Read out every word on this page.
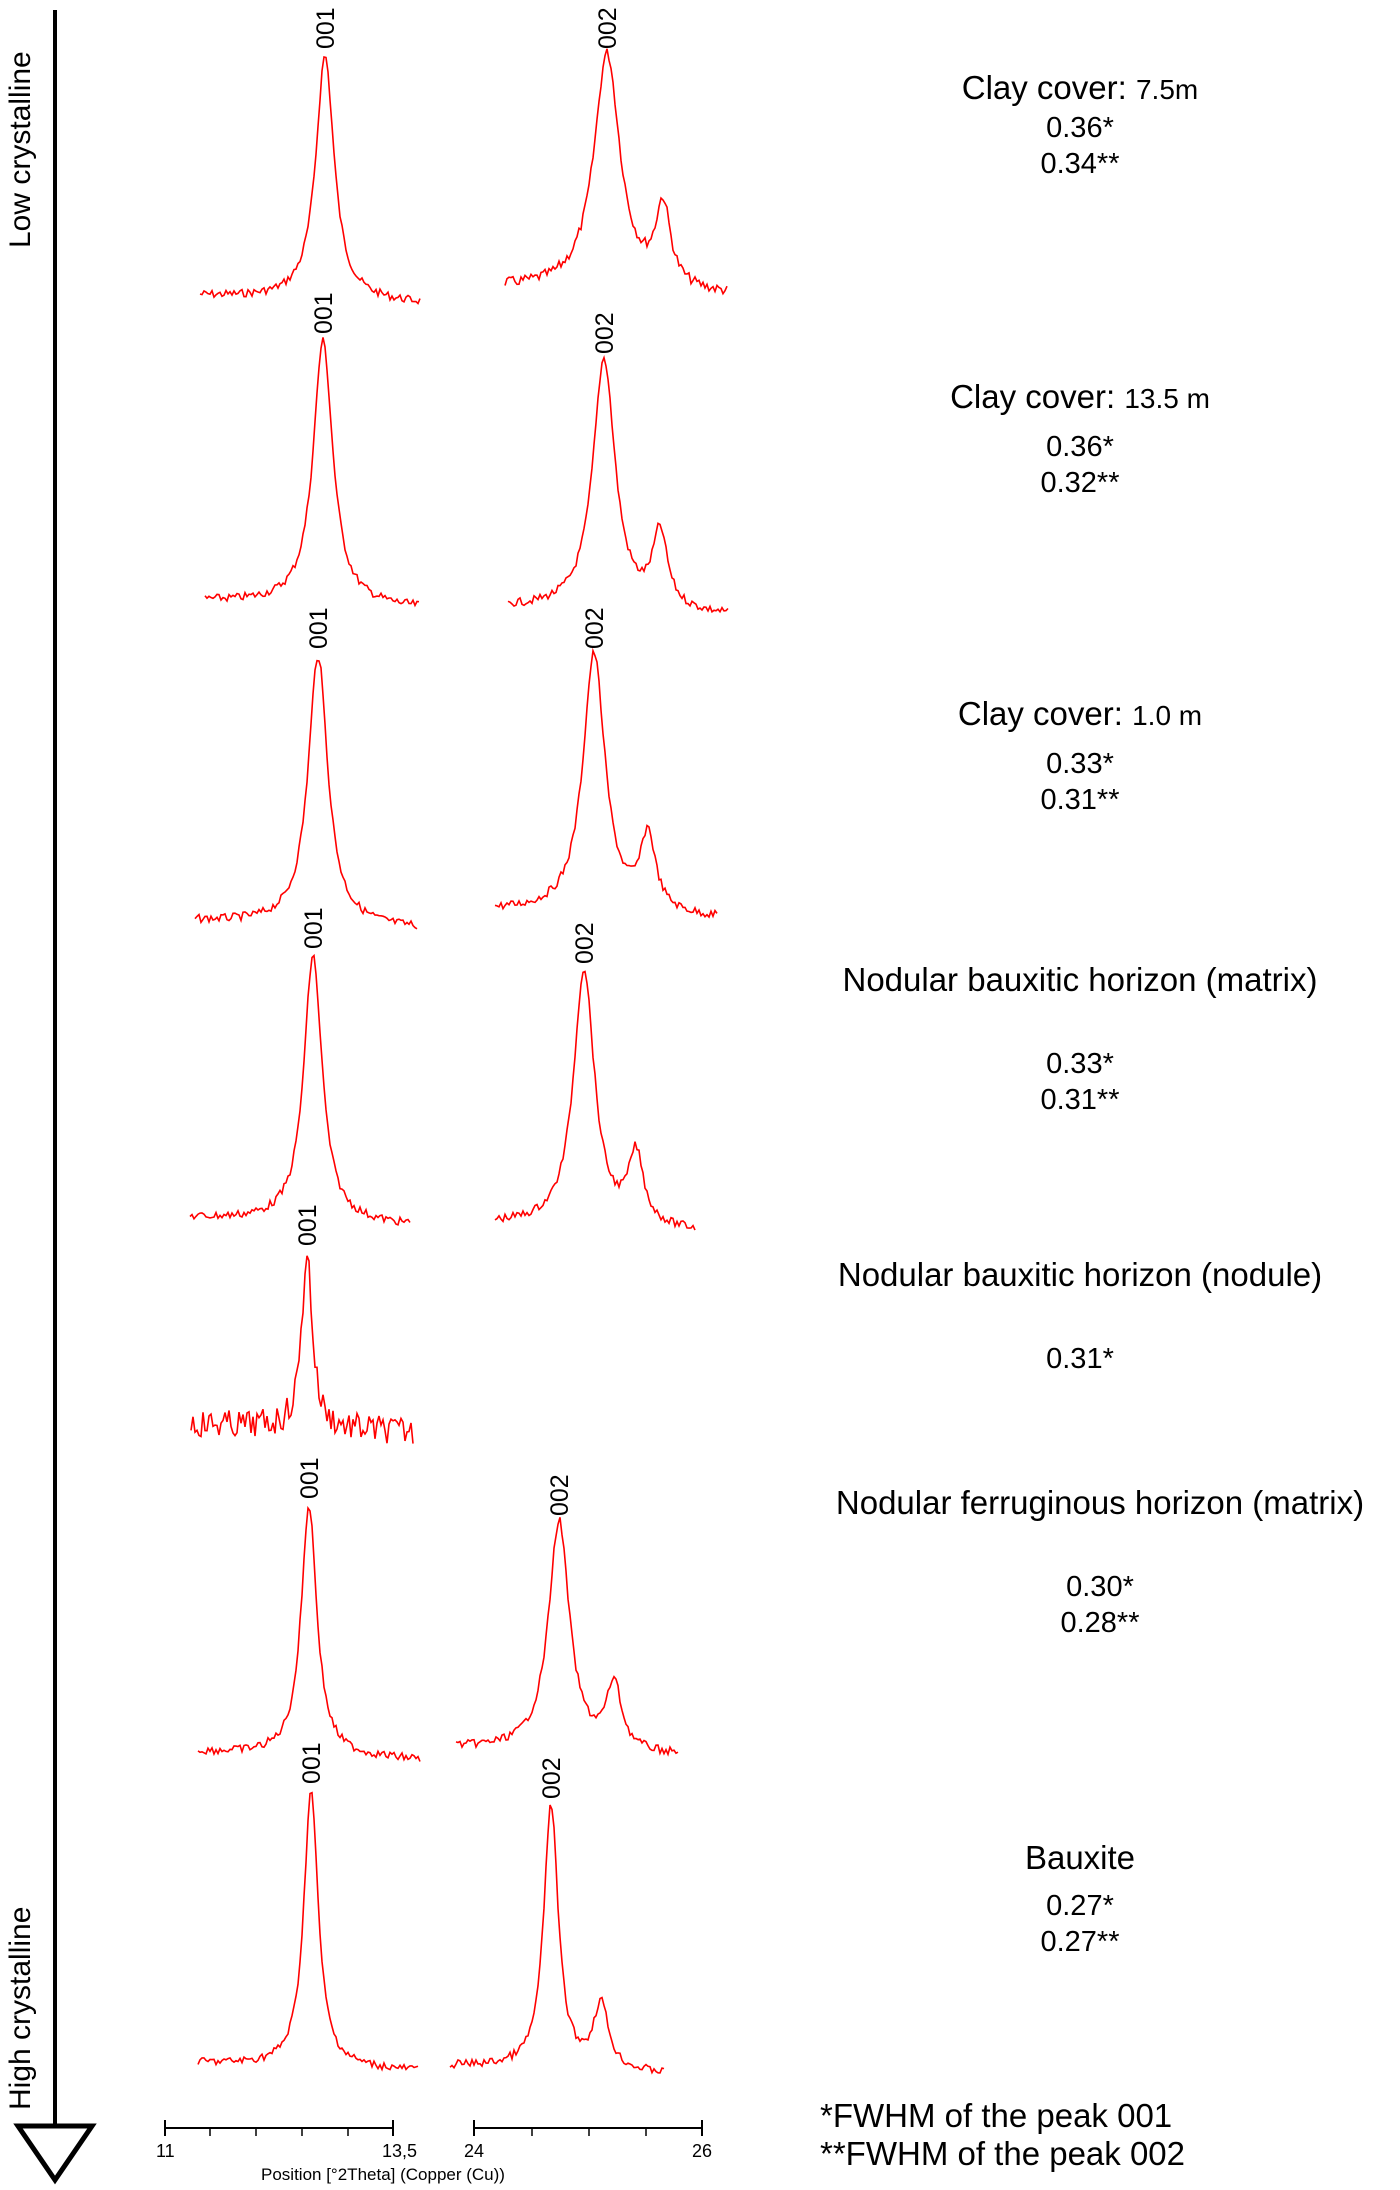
001	002
001	002
001	002
001	002
001
001	002
001	002
Low crystalline
High crystalline
11	13,5	24	26
Position [°2Theta] (Copper (Cu))
Clay cover: 7.5m
0.36*
0.34**
Clay cover: 13.5 m
0.36*
0.32**
Clay cover: 1.0 m
0.33*
0.31**
Nodular bauxitic horizon (matrix)
0.33*
0.31**
Nodular bauxitic horizon (nodule)
0.31*
Nodular ferruginous horizon (matrix)
0.30*
0.28**
Bauxite
0.27*
0.27**
*FWHM of the peak 001
**FWHM of the peak 002
